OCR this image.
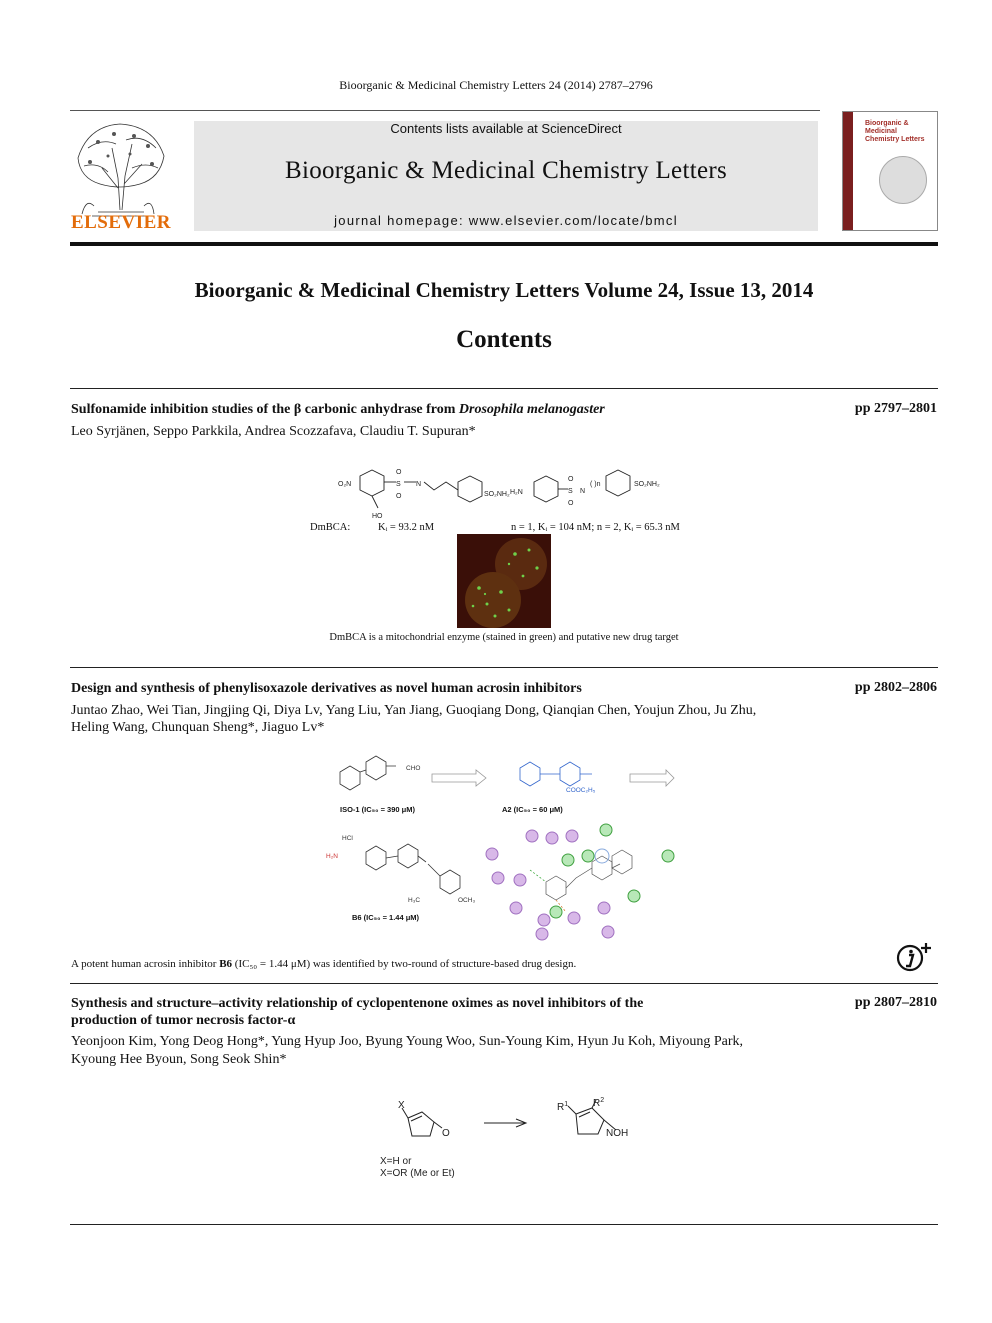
Bioorganic & Medicinal Chemistry Letters 24 (2014) 2787–2796
ELSEVIER
Contents lists available at ScienceDirect
Bioorganic & Medicinal Chemistry Letters
journal homepage: www.elsevier.com/locate/bmcl
Bioorganic & Medicinal Chemistry Letters
Bioorganic & Medicinal Chemistry Letters Volume 24, Issue 13, 2014
Contents
Sulfonamide inhibition studies of the β carbonic anhydrase from Drosophila melanogaster	pp 2797–2801
Leo Syrjänen, Seppo Parkkila, Andrea Scozzafava, Claudiu T. Supuran*
O₂N	S
O
O
N
SO₂NH₂
HO
H₂N	S
O
O
N
( )n	SO₂NH₂
DmBCA:	Kᵢ = 93.2 nM	n = 1, Kᵢ = 104 nM; n = 2, Kᵢ = 65.3 nM
DmBCA is a mitochondrial enzyme (stained in green) and putative new drug target
Design and synthesis of phenylisoxazole derivatives as novel human acrosin inhibitors	pp 2802–2806
Juntao Zhao, Wei Tian, Jingjing Qi, Diya Lv, Yang Liu, Yan Jiang, Guoqiang Dong, Qianqian Chen, Youjun Zhou, Ju Zhu,
Heling Wang, Chunquan Sheng*, Jiaguo Lv*
CHO
COOC₂H₅
ISO-1 (IC₅₀ = 390 μM)	A2 (IC₅₀ = 60 μM)
HCl
H₂N
H₃C	OCH₃
B6 (IC₅₀ = 1.44 μM)
A potent human acrosin inhibitor B6 (IC₅₀ = 1.44 μM) was identified by two-round of structure-based drug design.
Synthesis and structure–activity relationship of cyclopentenone oximes as novel inhibitors of the
production of tumor necrosis factor-α
pp 2807–2810
Yeonjoon Kim, Yong Deog Hong*, Yung Hyup Joo, Byung Young Woo, Sun-Young Kim, Hyun Ju Koh, Miyoung Park,
Kyoung Hee Byoun, Song Seok Shin*
X
O
$R^1$ $R^2$
NOH
X=H or
X=OR (Me or Et)
